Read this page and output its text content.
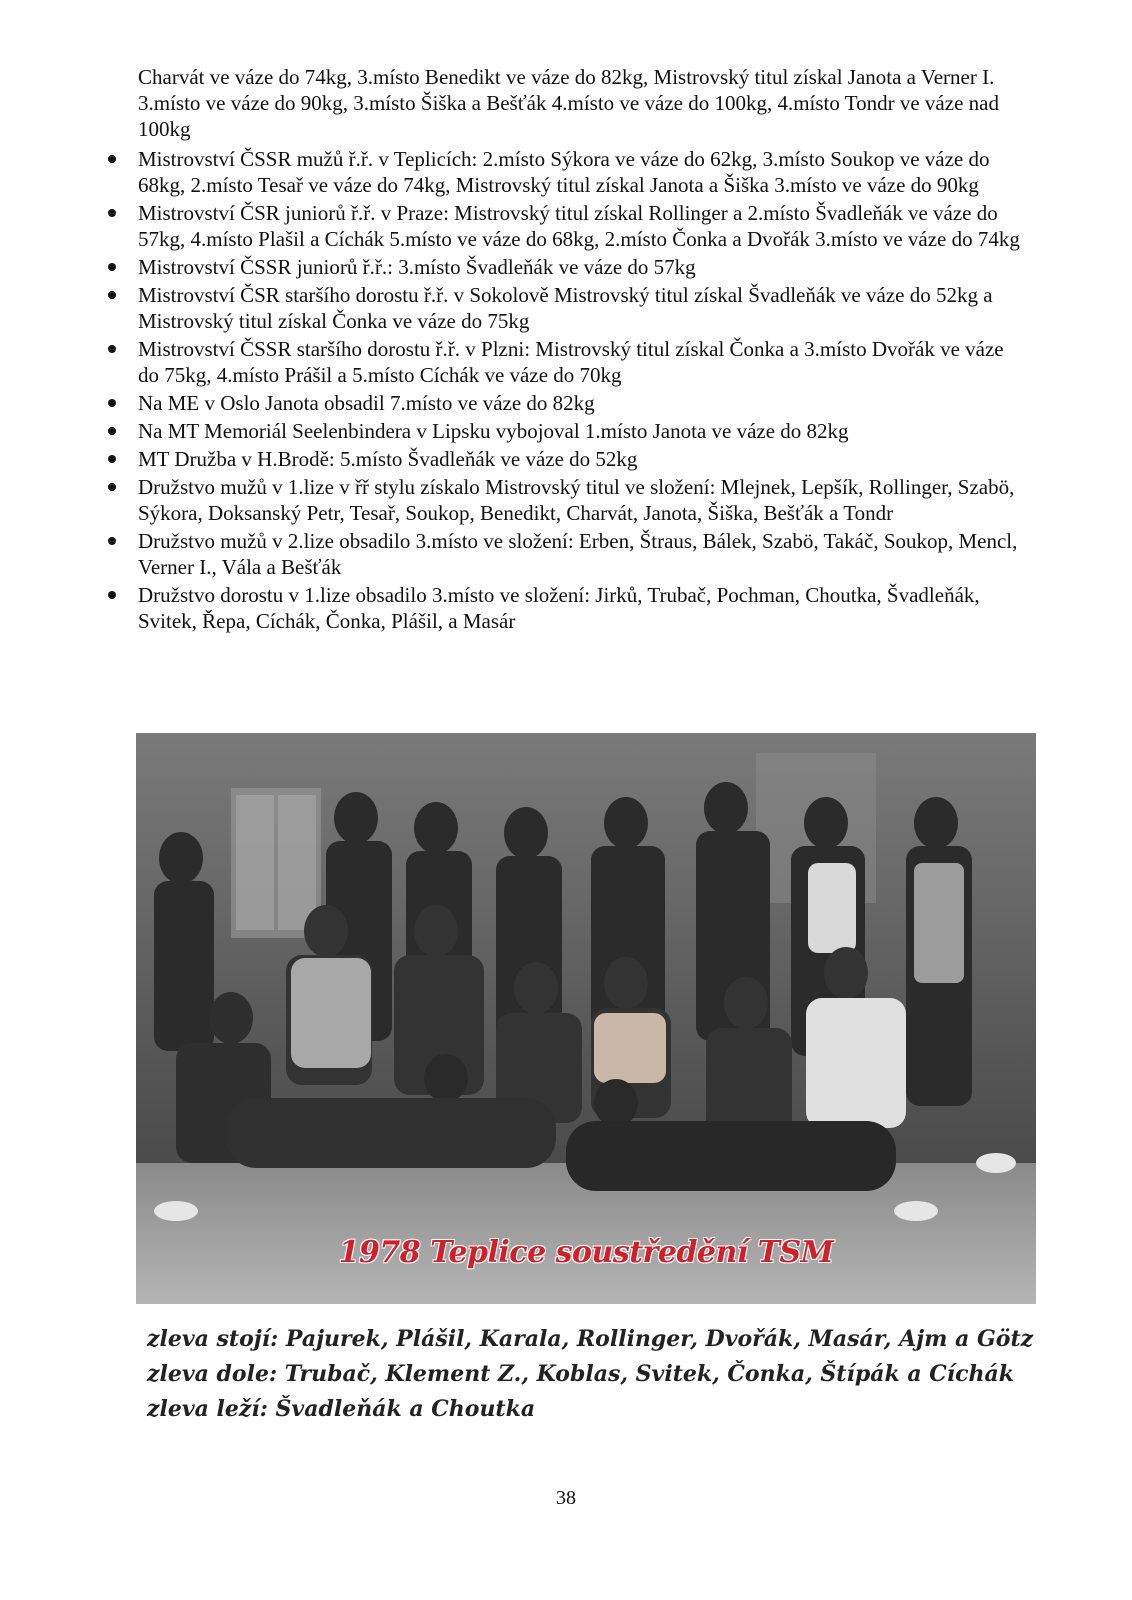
Charvát ve váze do 74kg, 3.místo Benedikt ve váze do 82kg, Mistrovský titul získal Janota a Verner I. 3.místo ve váze do 90kg, 3.místo Šiška a Bešťák 4.místo ve váze do 100kg, 4.místo Tondr ve váze nad 100kg

Mistrovství ČSSR mužů ř.ř. v Teplicích: 2.místo Sýkora ve váze do 62kg, 3.místo Soukop ve váze do 68kg, 2.místo Tesař ve váze do 74kg, Mistrovský titul získal Janota a Šiška 3.místo ve váze do 90kg
Mistrovství ČSR juniorů ř.ř. v Praze: Mistrovský titul získal Rollinger a 2.místo Švadleňák ve váze do 57kg, 4.místo Plašil a Cíchák 5.místo ve váze do 68kg, 2.místo Čonka a Dvořák 3.místo ve váze do 74kg
Mistrovství ČSSR juniorů ř.ř.: 3.místo Švadleňák ve váze do 57kg
Mistrovství ČSR staršího dorostu ř.ř. v Sokolově Mistrovský titul získal Švadleňák ve váze do 52kg a Mistrovský titul získal Čonka ve váze do 75kg
Mistrovství ČSSR staršího dorostu ř.ř. v Plzni: Mistrovský titul získal Čonka a 3.místo Dvořák ve váze do 75kg, 4.místo Prášil a 5.místo Cíchák ve váze do 70kg
Na ME v Oslo Janota obsadil 7.místo ve váze do 82kg
Na MT Memoriál Seelenbindera v Lipsku vybojoval 1.místo Janota ve váze do 82kg
MT Družba v H.Brodě: 5.místo Švadleňák ve váze do 52kg
Družstvo mužů v 1.lize v řř stylu získalo Mistrovský titul ve složení: Mlejnek, Lepšík, Rollinger, Szabö, Sýkora, Doksanský Petr, Tesař, Soukop, Benedikt, Charvát, Janota, Šiška, Bešťák a Tondr
Družstvo mužů v 2.lize obsadilo 3.místo ve složení: Erben, Štraus, Bálek, Szabö, Takáč, Soukop, Mencl, Verner I., Vála a Bešťák
Družstvo dorostu v 1.lize obsadilo 3.místo ve složení: Jirků, Trubač, Pochman, Choutka, Švadleňák, Svitek, Řepa, Cíchák, Čonka, Plášil, a Masár
1978 Teplice soustředění TSM
zleva stojí: Pajurek, Plášil, Karala, Rollinger, Dvořák, Masár, Ajm a Götz
zleva dole: Trubač, Klement Z., Koblas, Svitek, Čonka, Štípák a Cíchák
zleva leží: Švadleňák a Choutka
38
